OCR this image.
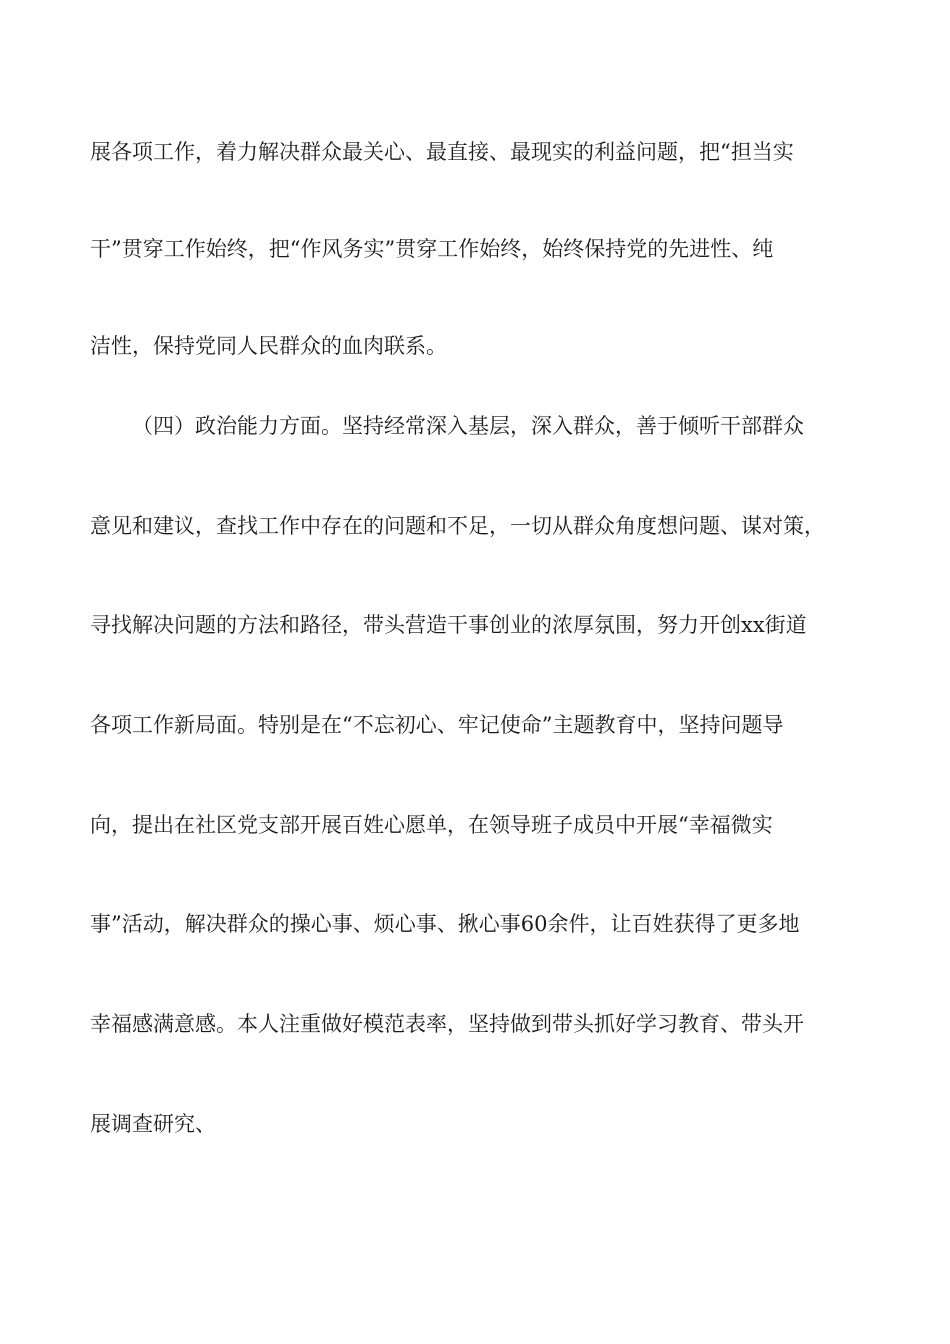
展各项工作，着力解决群众最关心、最直接、最现实的利益问题，把“担当实
干”贯穿工作始终，把“作风务实”贯穿工作始终，始终保持党的先进性、纯
洁性，保持党同人民群众的血肉联系。
（四）政治能力方面。坚持经常深入基层，深入群众，善于倾听干部群众
意见和建议，查找工作中存在的问题和不足，一切从群众角度想问题、谋对策，
寻找解决问题的方法和路径，带头营造干事创业的浓厚氛围，努力开创xx街道
各项工作新局面。特别是在“不忘初心、牢记使命”主题教育中，坚持问题导
向，提出在社区党支部开展百姓心愿单，在领导班子成员中开展“幸福微实
事”活动，解决群众的操心事、烦心事、揪心事60余件，让百姓获得了更多地
幸福感满意感。本人注重做好模范表率，坚持做到带头抓好学习教育、带头开
展调查研究、
